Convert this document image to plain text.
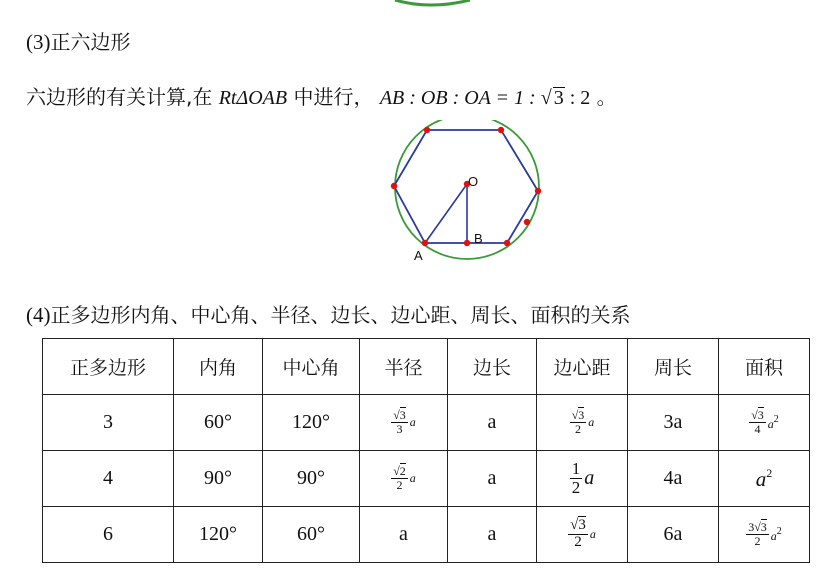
(3)正六边形
六边形的有关计算,在 RtΔOAB 中进行， AB : OB : OA = 1 : √ 3 : 2 。
O
B
A
(4)正多边形内角、中心角、半径、边长、边心距、周长、面积的关系
正多边形	内角	中心角	半径	边长	边心距	周长	面积
3	60°	120°	$\frac{√3}{3}$ a	a	$\frac{√3}{2}$ a	3a	$\frac{√3}{4} a^2$
4	90°	90°	$\frac{√2}{2}$ a	a	$\frac{1}{2}$ a	4a	$a^2$
6	120°	60°	a	a	$\frac{√3}{2}$ a	6a	$\frac{3√3}{2} a^2$
